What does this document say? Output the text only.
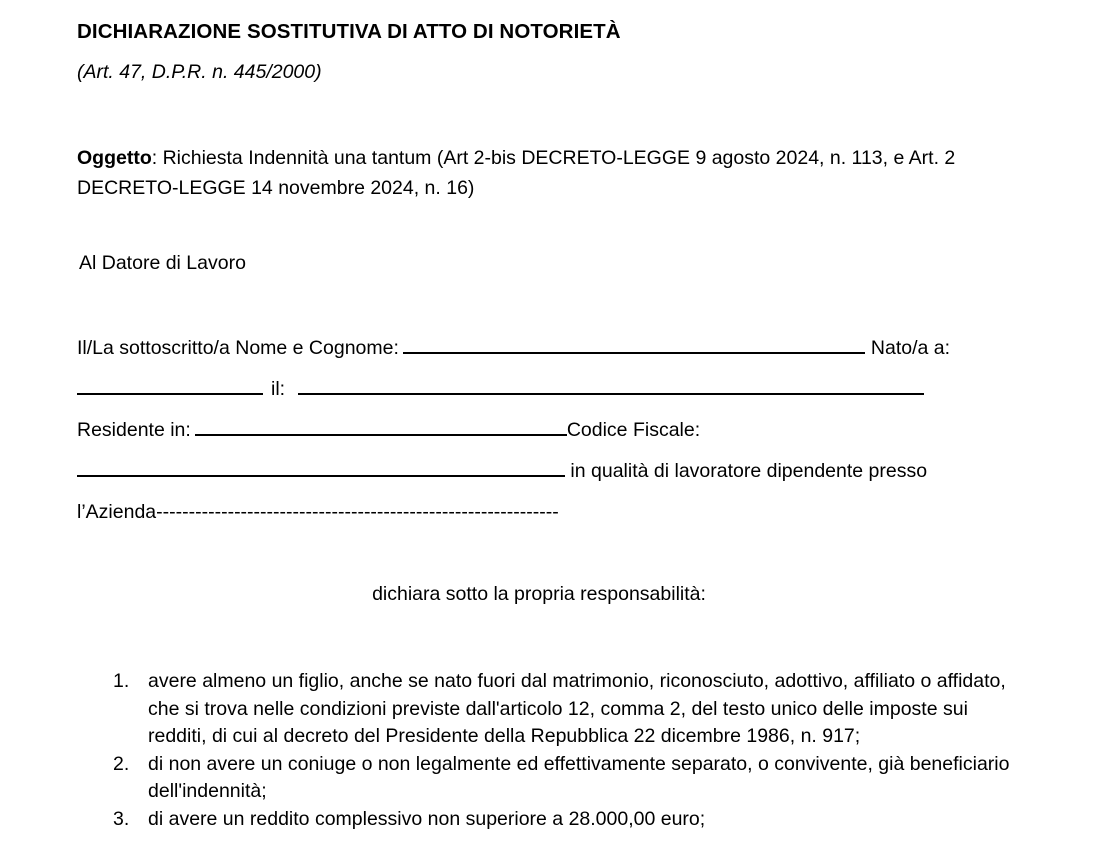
DICHIARAZIONE SOSTITUTIVA DI ATTO DI NOTORIETÀ
(Art. 47, D.P.R. n. 445/2000)
Oggetto: Richiesta Indennità una tantum (Art 2-bis DECRETO-LEGGE 9 agosto 2024, n. 113, e Art. 2 DECRETO-LEGGE 14 novembre 2024, n. 16)
Al Datore di Lavoro
Il/La sottoscritto/a Nome e Cognome:	Nato/a a:
il:
Residente in:	Codice Fiscale:
in qualità di lavoratore dipendente presso
l’Azienda--------------------------------------------------------------
dichiara sotto la propria responsabilità:
1. avere almeno un figlio, anche se nato fuori dal matrimonio, riconosciuto, adottivo, affiliato o affidato, che si trova nelle condizioni previste dall'articolo 12, comma 2, del testo unico delle imposte sui redditi, di cui al decreto del Presidente della Repubblica 22 dicembre 1986, n. 917;
2. di non avere un coniuge o non legalmente ed effettivamente separato, o convivente, già beneficiario dell'indennità;
3. di avere un reddito complessivo non superiore a 28.000,00 euro;
